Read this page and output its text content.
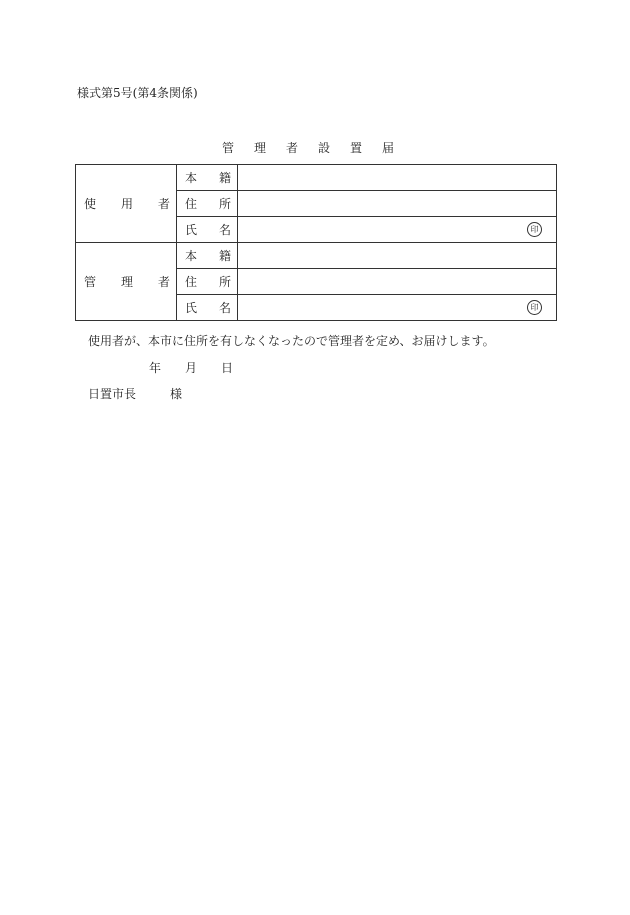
様式第5号(第4条関係)
管理者設置届
使 用 者	本 籍	

	住 所	

	氏 名	印

管 理 者	本 籍	

	住 所	

	氏 名	印
使用者が、本市に住所を有しなくなったので管理者を定め、お届けします。
年 月 日
日置市長	様
